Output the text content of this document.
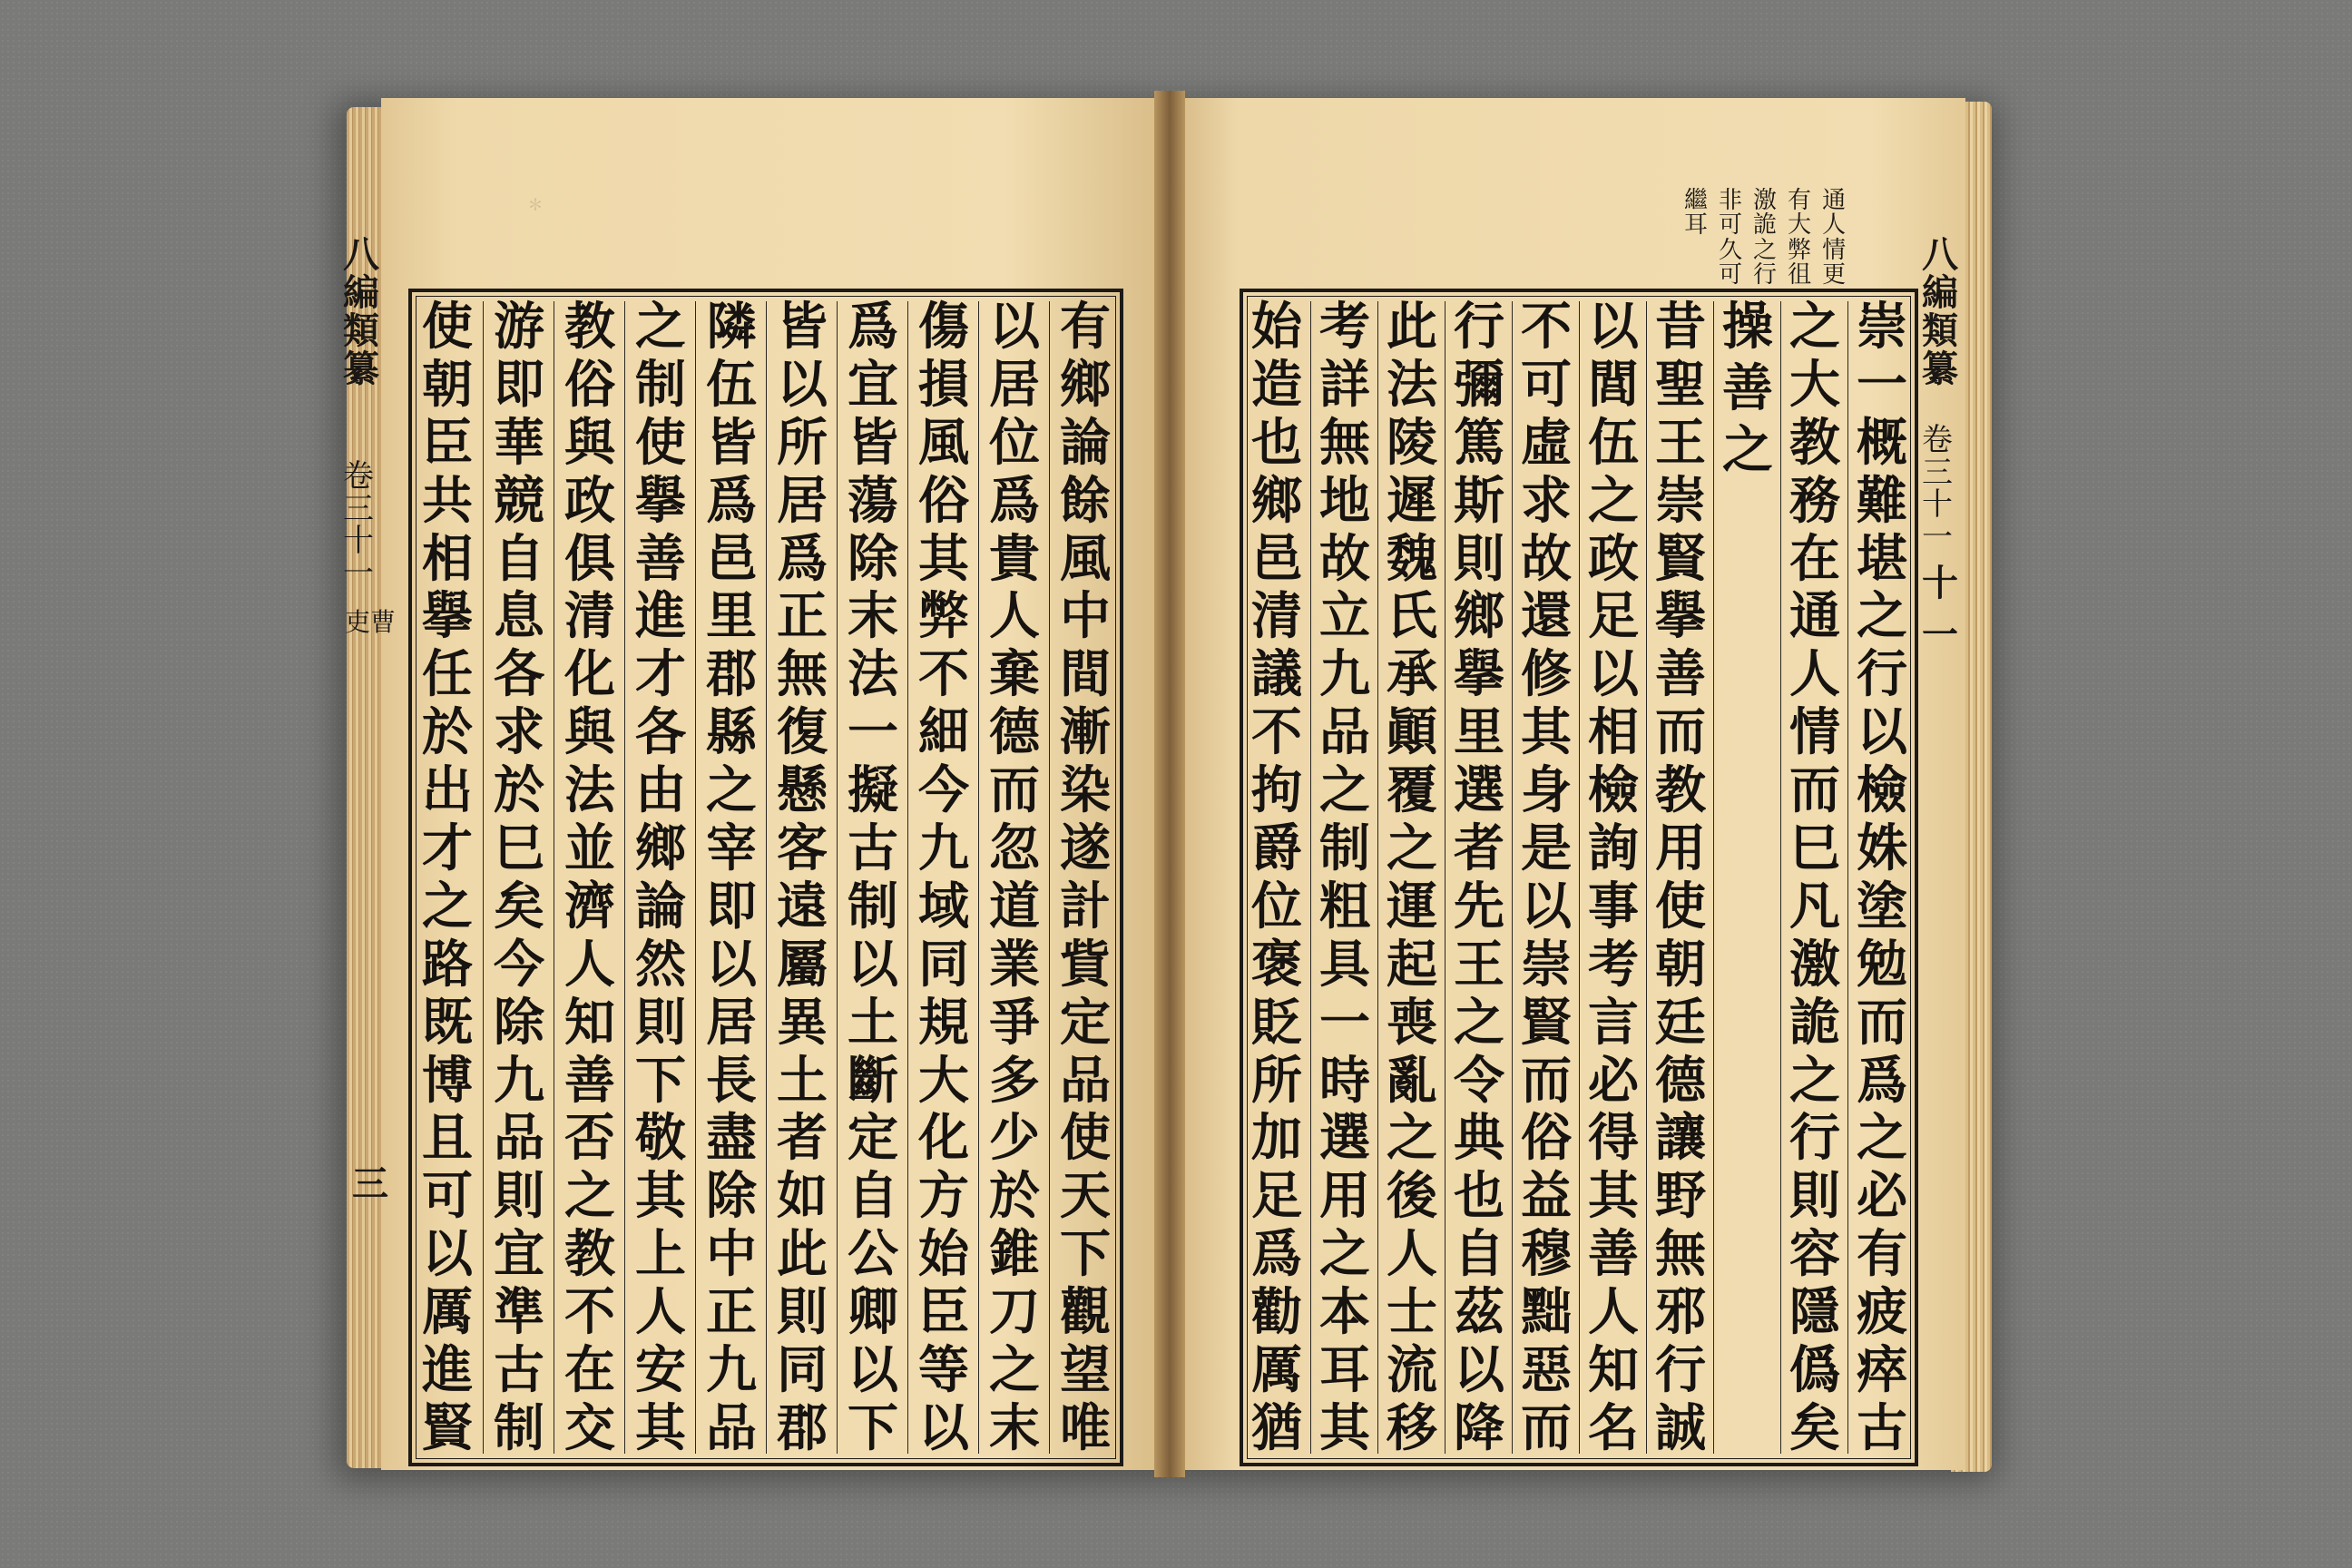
﹡
有
鄉
論
餘
風
中
間
漸
染
遂
計
貲
定
品
使
天
下
觀
望
唯
以
居
位
爲
貴
人
棄
德
而
忽
道
業
爭
多
少
於
錐
刀
之
末
傷
損
風
俗
其
弊
不
細
今
九
域
同
規
大
化
方
始
臣
等
以
爲
宜
皆
蕩
除
末
法
一
擬
古
制
以
土
斷
定
自
公
卿
以
下
皆
以
所
居
爲
正
無
復
懸
客
遠
屬
異
土
者
如
此
則
同
郡
隣
伍
皆
爲
邑
里
郡
縣
之
宰
即
以
居
長
盡
除
中
正
九
品
之
制
使
擧
善
進
才
各
由
鄉
論
然
則
下
敬
其
上
人
安
其
教
俗
與
政
俱
清
化
與
法
並
濟
人
知
善
否
之
教
不
在
交
游
即
華
競
自
息
各
求
於
巳
矣
今
除
九
品
則
宜
準
古
制
使
朝
臣
共
相
擧
任
於
出
才
之
路
既
博
且
可
以
厲
進
賢
通
人
情
更
有
大
弊
徂
激
詭
之
行
非
可
久
可
繼
耳
崇
一
概
難
堪
之
行
以
檢
姝
塗
勉
而
爲
之
必
有
疲
瘁
古
之
大
教
務
在
通
人
情
而
巳
凡
激
詭
之
行
則
容
隱
僞
矣
操
善
之
昔
聖
王
崇
賢
擧
善
而
教
用
使
朝
廷
德
讓
野
無
邪
行
誠
以
閭
伍
之
政
足
以
相
檢
詢
事
考
言
必
得
其
善
人
知
名
不
可
虛
求
故
還
修
其
身
是
以
崇
賢
而
俗
益
穆
黜
惡
而
行
彌
篤
斯
則
鄉
擧
里
選
者
先
王
之
令
典
也
自
茲
以
降
此
法
陵
遲
魏
氏
承
顚
覆
之
運
起
喪
亂
之
後
人
士
流
移
考
詳
無
地
故
立
九
品
之
制
粗
具
一
時
選
用
之
本
耳
其
始
造
也
鄉
邑
清
議
不
拘
爵
位
褒
貶
所
加
足
爲
勸
厲
猶
八編類纂
卷三十一
吏曹
三
八編類纂
卷三十一
十一
